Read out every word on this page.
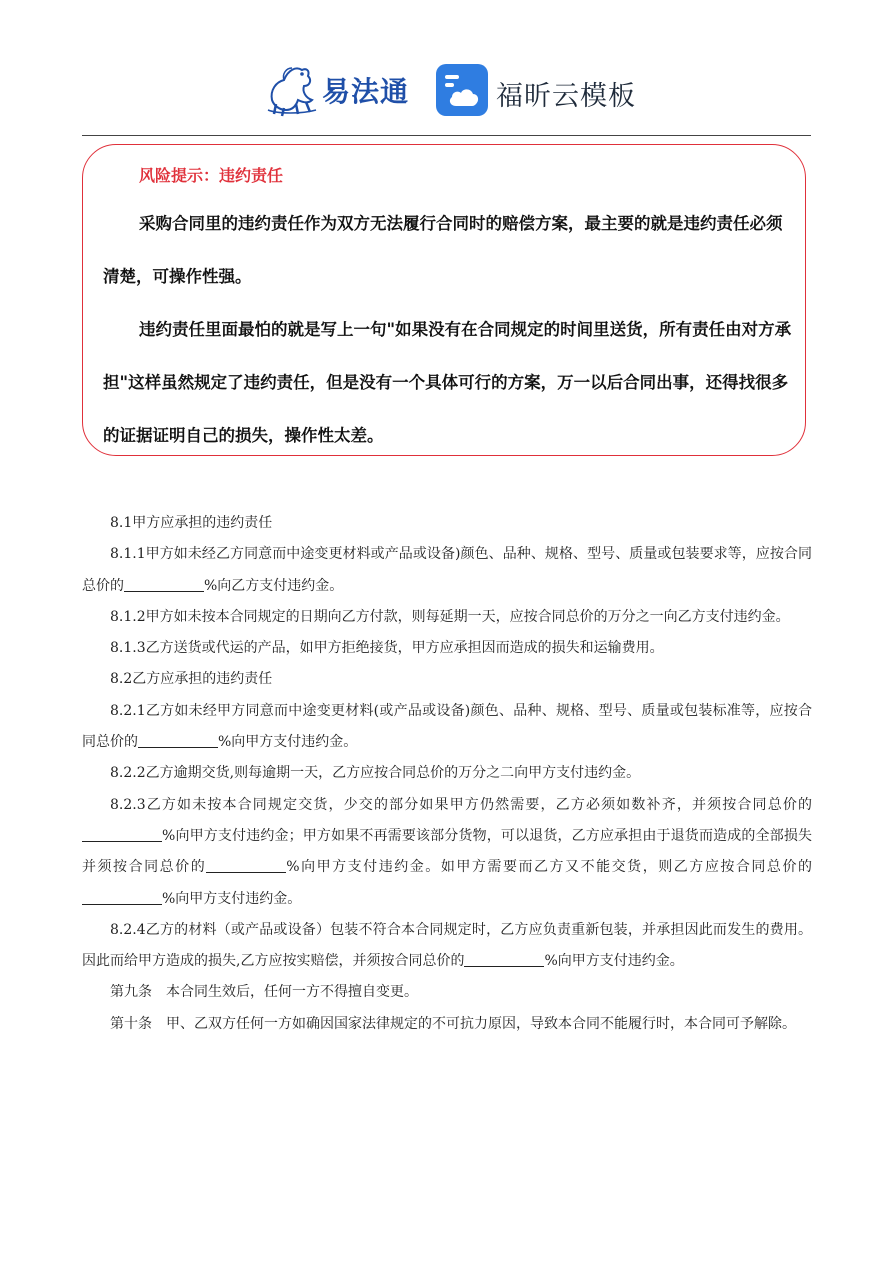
易法通	福昕云模板
风险提示：违约责任

采购合同里的违约责任作为双方无法履行合同时的赔偿方案，最主要的就是违约责任必须清楚，可操作性强。

违约责任里面最怕的就是写上一句"如果没有在合同规定的时间里送货，所有责任由对方承担"这样虽然规定了违约责任，但是没有一个具体可行的方案，万一以后合同出事，还得找很多的证据证明自己的损失，操作性太差。

8.1甲方应承担的违约责任

8.1.1甲方如未经乙方同意而中途变更材料或产品或设备)颜色、品种、规格、型号、质量或包装要求等，应按合同总价的	%向乙方支付违约金。

8.1.2甲方如未按本合同规定的日期向乙方付款，则每延期一天，应按合同总价的万分之一向乙方支付违约金。

8.1.3乙方送货或代运的产品，如甲方拒绝接货，甲方应承担因而造成的损失和运输费用。

8.2乙方应承担的违约责任

8.2.1乙方如未经甲方同意而中途变更材料(或产品或设备)颜色、品种、规格、型号、质量或包装标准等，应按合同总价的	%向甲方支付违约金。

8.2.2乙方逾期交货,则每逾期一天，乙方应按合同总价的万分之二向甲方支付违约金。

8.2.3乙方如未按本合同规定交货，少交的部分如果甲方仍然需要，乙方必须如数补齐，并须按合同总价的%向甲方支付违约金；甲方如果不再需要该部分货物，可以退货，乙方应承担由于退货而造成的全部损失并须按合同总价的	%向甲方支付违约金。如甲方需要而乙方又不能交货，则乙方应按合同总价的%向甲方支付违约金。

8.2.4乙方的材料（或产品或设备）包装不符合本合同规定时，乙方应负责重新包装，并承担因此而发生的费用。因此而给甲方造成的损失,乙方应按实赔偿，并须按合同总价的	%向甲方支付违约金。

第九条　本合同生效后，任何一方不得擅自变更。

第十条　甲、乙双方任何一方如确因国家法律规定的不可抗力原因，导致本合同不能履行时，本合同可予解除。
